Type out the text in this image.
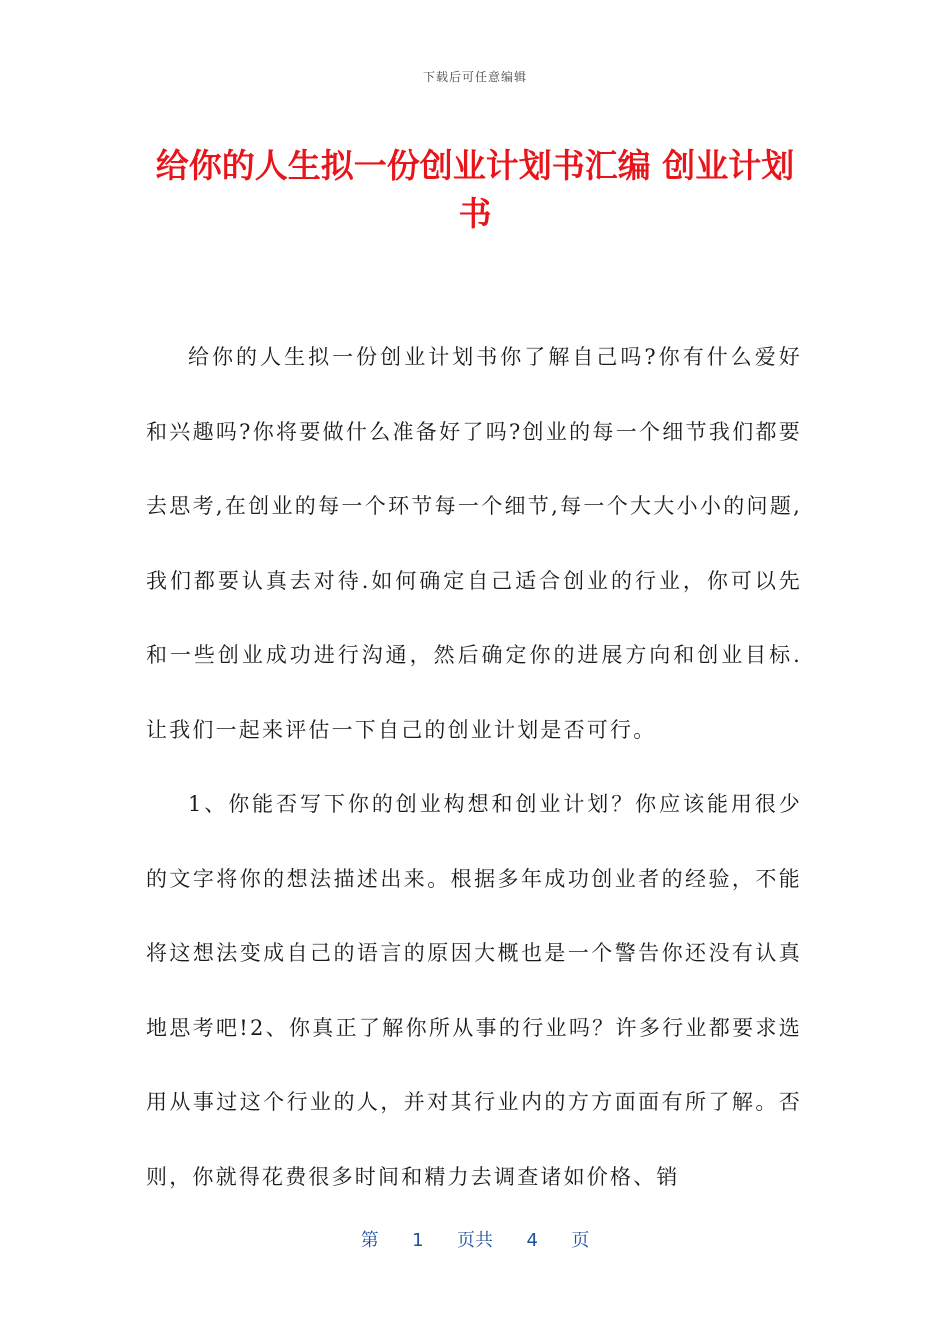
下载后可任意编辑
给你的人生拟一份创业计划书汇编 创业计划书

给你的人生拟一份创业计划书你了解自己吗?你有什么爱好和兴趣吗?你将要做什么准备好了吗?创业的每一个细节我们都要去思考,在创业的每一个环节每一个细节,每一个大大小小的问题,我们都要认真去对待.如何确定自己适合创业的行业，你可以先和一些创业成功进行沟通，然后确定你的进展方向和创业目标.让我们一起来评估一下自己的创业计划是否可行。

1、你能否写下你的创业构想和创业计划？你应该能用很少的文字将你的想法描述出来。根据多年成功创业者的经验，不能将这想法变成自己的语言的原因大概也是一个警告你还没有认真地思考吧!2、你真正了解你所从事的行业吗？许多行业都要求选用从事过这个行业的人，并对其行业内的方方面面有所了解。否则，你就得花费很多时间和精力去调查诸如价格、销

第 1 页共 4 页
